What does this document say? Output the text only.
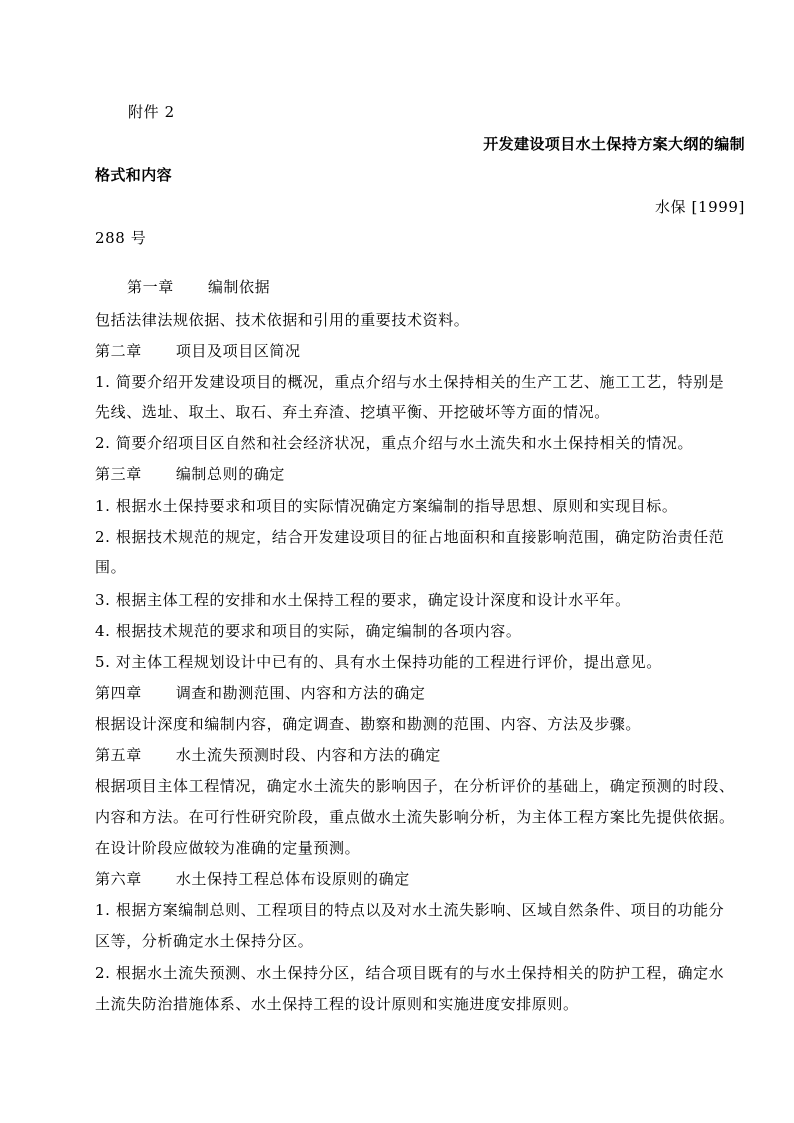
附件 2
开发建设项目水土保持方案大纲的编制
格式和内容
水保 [1999]
288 号
第一章 编制依据
包括法律法规依据、技术依据和引用的重要技术资料。
第二章 项目及项目区简况
1. 简要介绍开发建设项目的概况，重点介绍与水土保持相关的生产工艺、施工工艺，特别是
先线、选址、取土、取石、弃土弃渣、挖填平衡、开挖破坏等方面的情况。
2. 简要介绍项目区自然和社会经济状况，重点介绍与水土流失和水土保持相关的情况。
第三章 编制总则的确定
1. 根据水土保持要求和项目的实际情况确定方案编制的指导思想、原则和实现目标。
2. 根据技术规范的规定，结合开发建设项目的征占地面积和直接影响范围，确定防治责任范
围。
3. 根据主体工程的安排和水土保持工程的要求，确定设计深度和设计水平年。
4. 根据技术规范的要求和项目的实际，确定编制的各项内容。
5. 对主体工程规划设计中已有的、具有水土保持功能的工程进行评价，提出意见。
第四章 调查和勘测范围、内容和方法的确定
根据设计深度和编制内容，确定调查、勘察和勘测的范围、内容、方法及步骤。
第五章 水土流失预测时段、内容和方法的确定
根据项目主体工程情况，确定水土流失的影响因子，在分析评价的基础上，确定预测的时段、
内容和方法。在可行性研究阶段，重点做水土流失影响分析，为主体工程方案比先提供依据。
在设计阶段应做较为准确的定量预测。
第六章 水土保持工程总体布设原则的确定
1. 根据方案编制总则、工程项目的特点以及对水土流失影响、区域自然条件、项目的功能分
区等，分析确定水土保持分区。
2. 根据水土流失预测、水土保持分区，结合项目既有的与水土保持相关的防护工程，确定水
土流失防治措施体系、水土保持工程的设计原则和实施进度安排原则。
